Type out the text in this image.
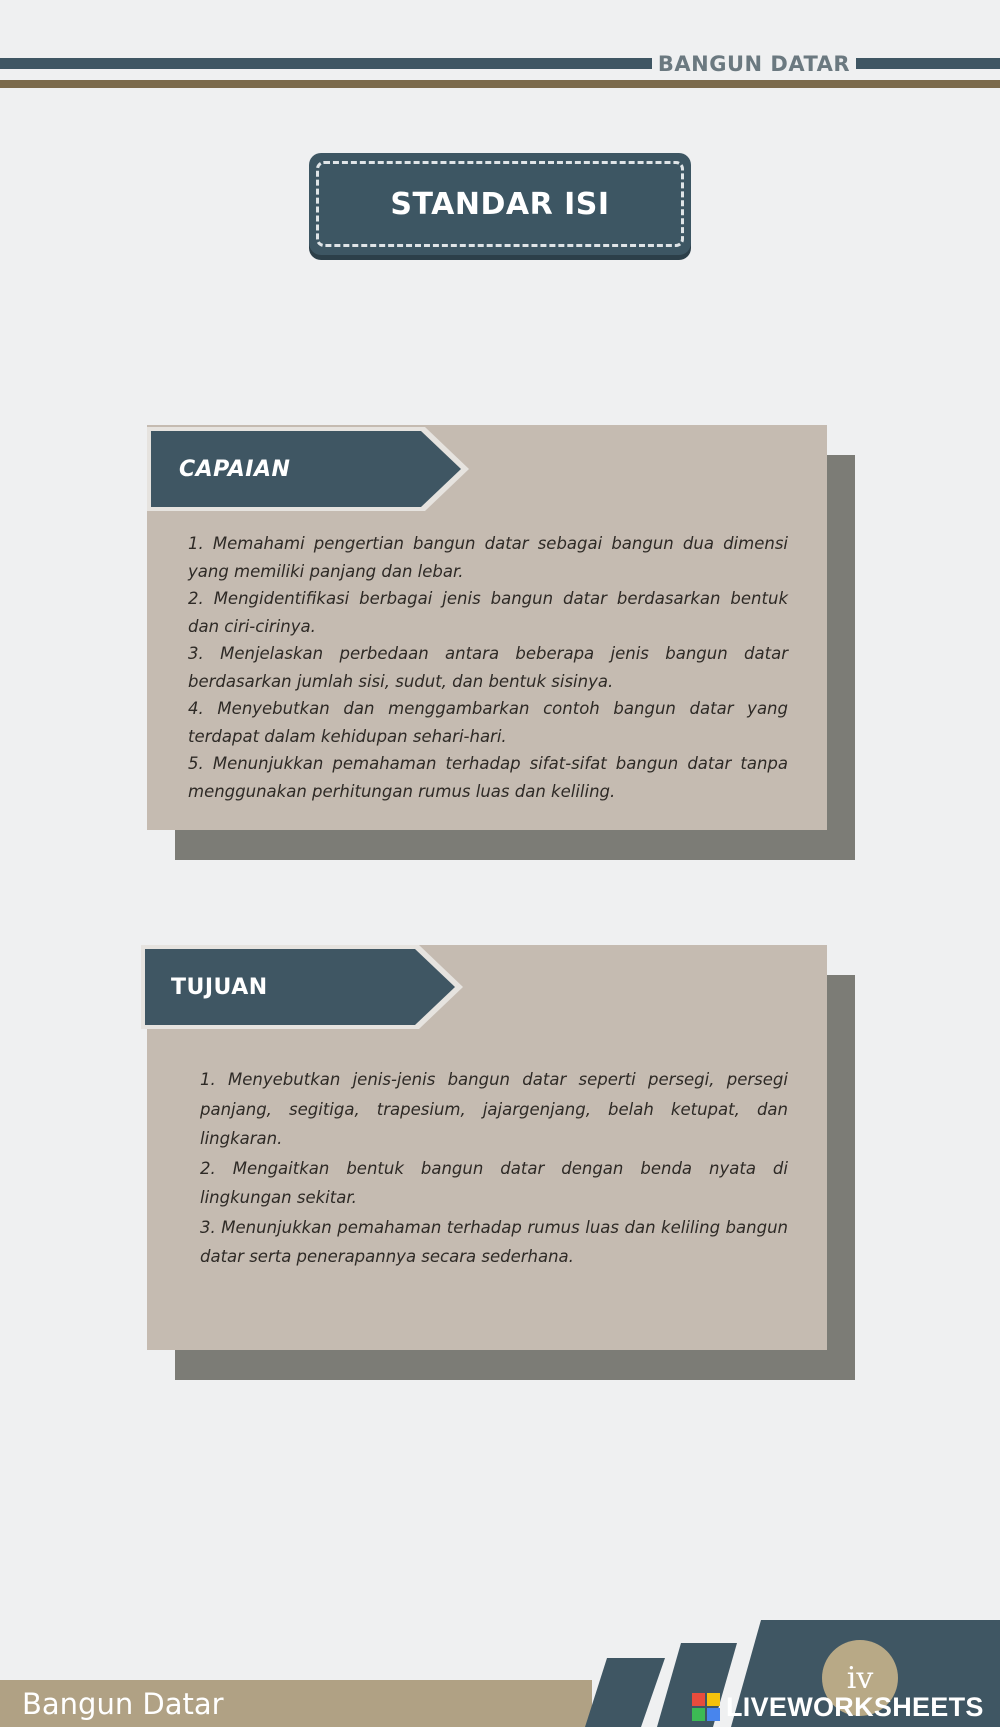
BANGUN DATAR
STANDAR ISI
CAPAIAN
1. Memahami pengertian bangun datar sebagai bangun dua dimensi yang memiliki panjang dan lebar.
2. Mengidentifikasi berbagai jenis bangun datar berdasarkan bentuk dan ciri-cirinya.
3. Menjelaskan perbedaan antara beberapa jenis bangun datar berdasarkan jumlah sisi, sudut, dan bentuk sisinya.
4. Menyebutkan dan menggambarkan contoh bangun datar yang terdapat dalam kehidupan sehari-hari.
5. Menunjukkan pemahaman terhadap sifat-sifat bangun datar tanpa menggunakan perhitungan rumus luas dan keliling.
TUJUAN
1. Menyebutkan jenis-jenis bangun datar seperti persegi, persegi panjang, segitiga, trapesium, jajargenjang, belah ketupat, dan lingkaran.
2. Mengaitkan bentuk bangun datar dengan benda nyata di lingkungan sekitar.
3. Menunjukkan pemahaman terhadap rumus luas dan keliling bangun datar serta penerapannya secara sederhana.
Bangun Datar
iv
LIVEWORKSHEETS
